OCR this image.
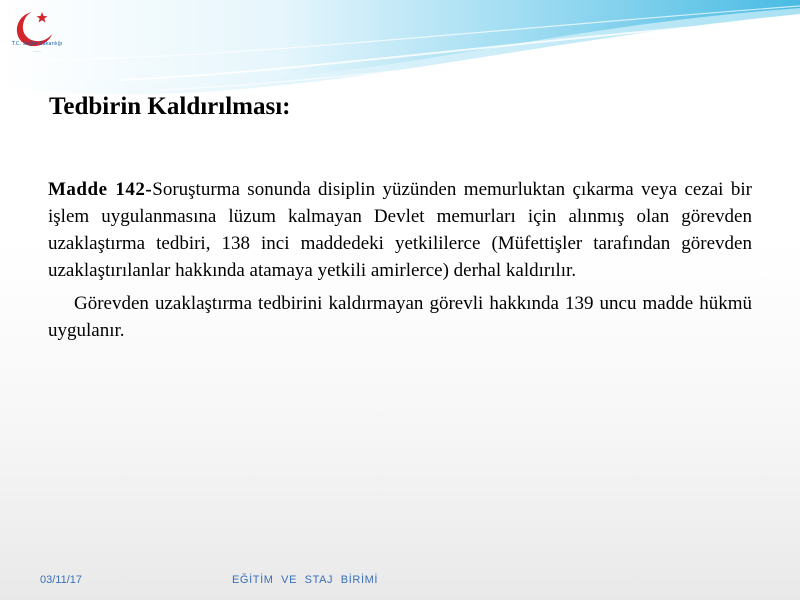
T.C. Sağlık Bakanlığı
........
Tedbirin Kaldırılması:

Madde 142-Soruşturma sonunda disiplin yüzünden memurluktan çıkarma veya cezai bir işlem uygulanmasına lüzum kalmayan Devlet memurları için alınmış olan görevden uzaklaştırma tedbiri, 138 inci maddedeki yetkililerce (Müfettişler tarafından görevden uzaklaştırılanlar hakkında atamaya yetkili amirlerce) derhal kaldırılır.

Görevden uzaklaştırma tedbirini kaldırmayan görevli hakkında 139 uncu madde hükmü uygulanır.

03/11/17	EĞİTİM VE STAJ BİRİMİ
